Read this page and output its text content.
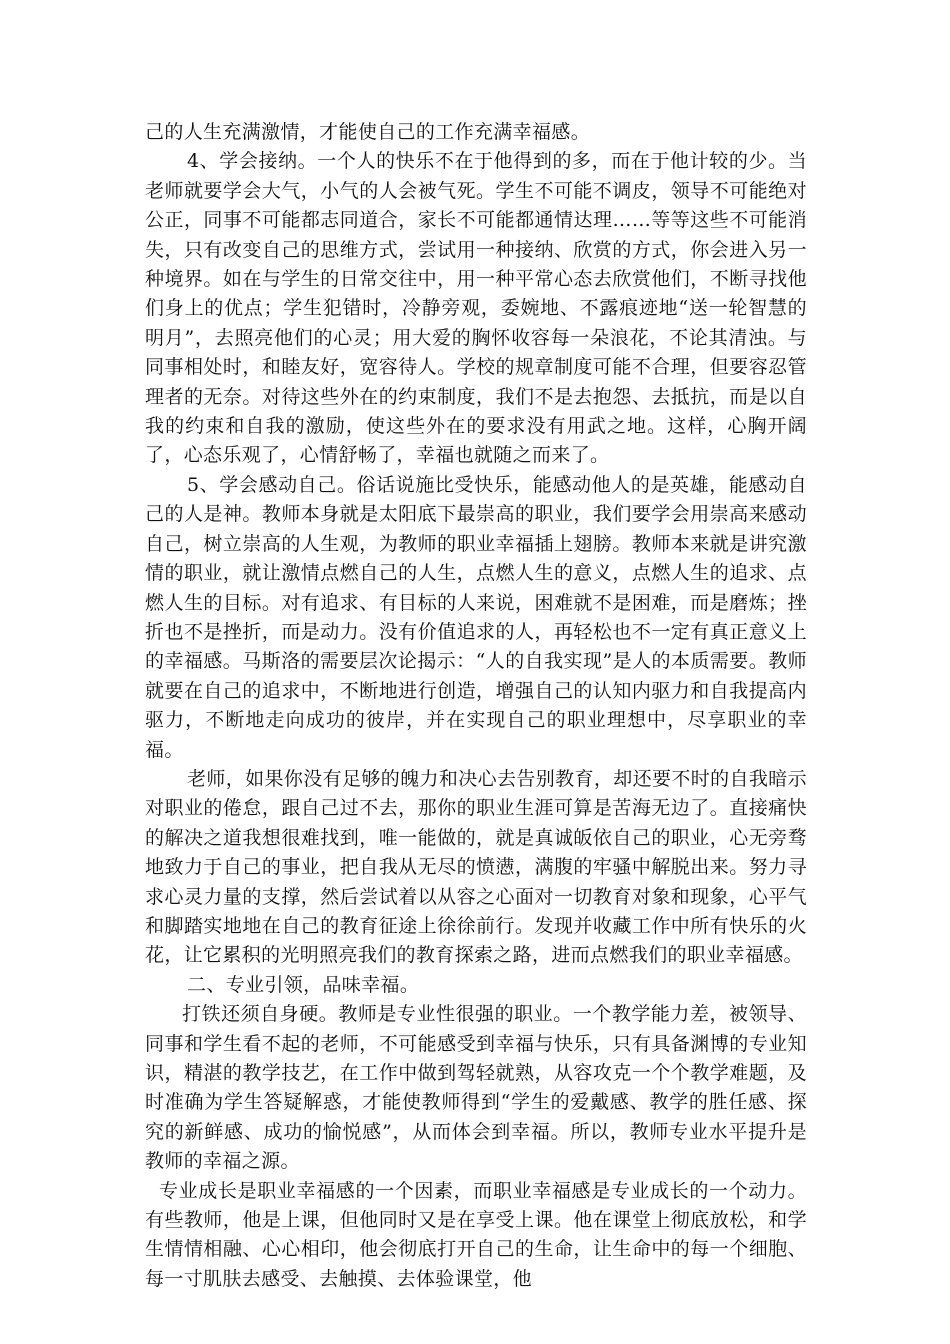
己的人生充满激情，才能使自己的工作充满幸福感。

4、学会接纳。一个人的快乐不在于他得到的多，而在于他计较的少。当老师就要学会大气，小气的人会被气死。学生不可能不调皮，领导不可能绝对公正，同事不可能都志同道合，家长不可能都通情达理……等等这些不可能消失，只有改变自己的思维方式，尝试用一种接纳、欣赏的方式，你会进入另一种境界。如在与学生的日常交往中，用一种平常心态去欣赏他们，不断寻找他们身上的优点；学生犯错时，冷静旁观，委婉地、不露痕迹地“送一轮智慧的明月”，去照亮他们的心灵；用大爱的胸怀收容每一朵浪花，不论其清浊。与同事相处时，和睦友好，宽容待人。学校的规章制度可能不合理，但要容忍管理者的无奈。对待这些外在的约束制度，我们不是去抱怨、去抵抗，而是以自我的约束和自我的激励，使这些外在的要求没有用武之地。这样，心胸开阔了，心态乐观了，心情舒畅了，幸福也就随之而来了。

5、学会感动自己。俗话说施比受快乐，能感动他人的是英雄，能感动自己的人是神。教师本身就是太阳底下最崇高的职业，我们要学会用崇高来感动自己，树立崇高的人生观，为教师的职业幸福插上翅膀。教师本来就是讲究激情的职业，就让激情点燃自己的人生，点燃人生的意义，点燃人生的追求、点燃人生的目标。对有追求、有目标的人来说，困难就不是困难，而是磨炼；挫折也不是挫折，而是动力。没有价值追求的人，再轻松也不一定有真正意义上的幸福感。马斯洛的需要层次论揭示：“人的自我实现”是人的本质需要。教师就要在自己的追求中，不断地进行创造，增强自己的认知内驱力和自我提高内驱力，不断地走向成功的彼岸，并在实现自己的职业理想中，尽享职业的幸福。

老师，如果你没有足够的魄力和决心去告别教育，却还要不时的自我暗示对职业的倦怠，跟自己过不去，那你的职业生涯可算是苦海无边了。直接痛快的解决之道我想很难找到，唯一能做的，就是真诚皈依自己的职业，心无旁骛地致力于自己的事业，把自我从无尽的愤懑，满腹的牢骚中解脱出来。努力寻求心灵力量的支撑，然后尝试着以从容之心面对一切教育对象和现象，心平气和脚踏实地地在自己的教育征途上徐徐前行。发现并收藏工作中所有快乐的火花，让它累积的光明照亮我们的教育探索之路，进而点燃我们的职业幸福感。

二、专业引领，品味幸福。

打铁还须自身硬。教师是专业性很强的职业。一个教学能力差，被领导、同事和学生看不起的老师，不可能感受到幸福与快乐，只有具备渊博的专业知识，精湛的教学技艺，在工作中做到驾轻就熟，从容攻克一个个教学难题，及时准确为学生答疑解惑，才能使教师得到“学生的爱戴感、教学的胜任感、探究的新鲜感、成功的愉悦感”，从而体会到幸福。所以，教师专业水平提升是教师的幸福之源。

专业成长是职业幸福感的一个因素，而职业幸福感是专业成长的一个动力。有些教师，他是上课，但他同时又是在享受上课。他在课堂上彻底放松，和学生情情相融、心心相印，他会彻底打开自己的生命，让生命中的每一个细胞、每一寸肌肤去感受、去触摸、去体验课堂，他
